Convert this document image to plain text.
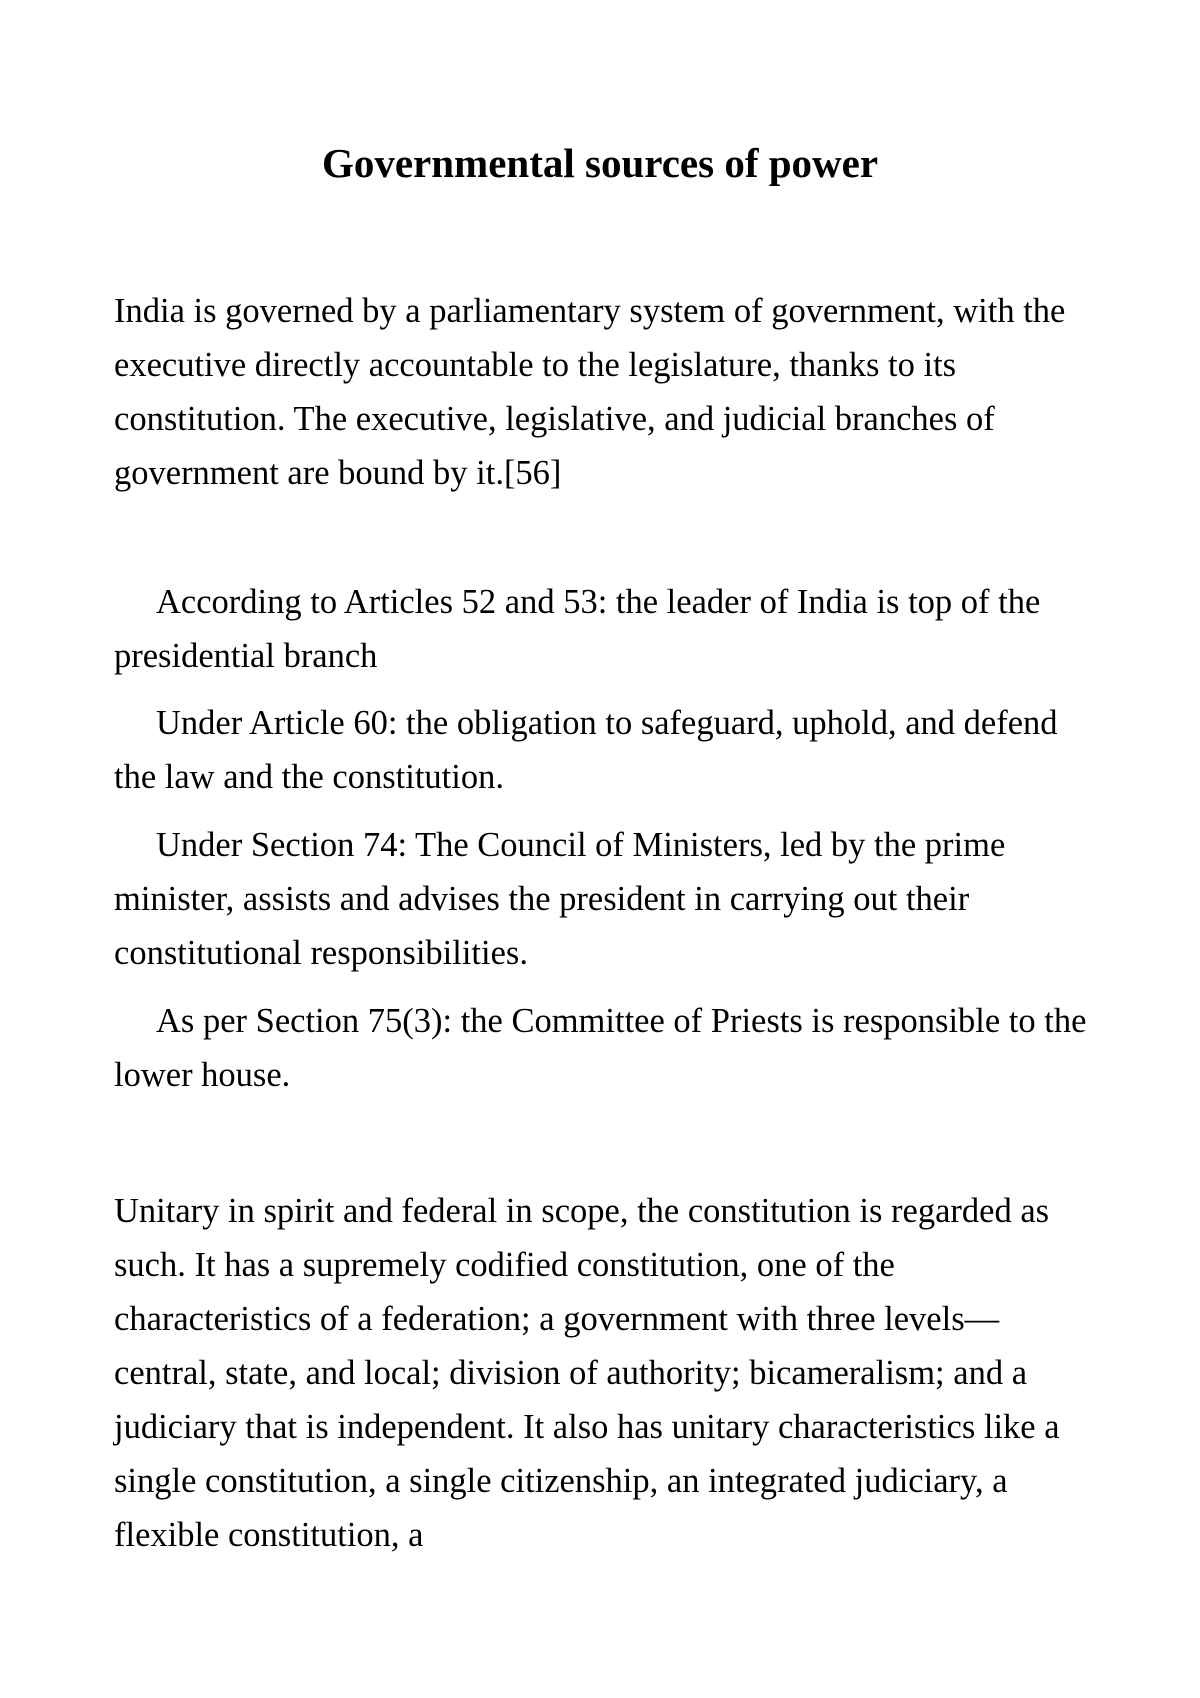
Governmental sources of power

India is governed by a parliamentary system of government, with the executive directly accountable to the legislature, thanks to its constitution. The executive, legislative, and judicial branches of government are bound by it.[56]

According to Articles 52 and 53: the leader of India is top of the presidential branch

Under Article 60: the obligation to safeguard, uphold, and defend the law and the constitution.

Under Section 74: The Council of Ministers, led by the prime minister, assists and advises the president in carrying out their constitutional responsibilities.

As per Section 75(3): the Committee of Priests is responsible to the lower house.

Unitary in spirit and federal in scope, the constitution is regarded as such. It has a supremely codified constitution, one of the characteristics of a federation; a government with three levels—central, state, and local; division of authority; bicameralism; and a judiciary that is independent. It also has unitary characteristics like a single constitution, a single citizenship, an integrated judiciary, a flexible constitution, a
